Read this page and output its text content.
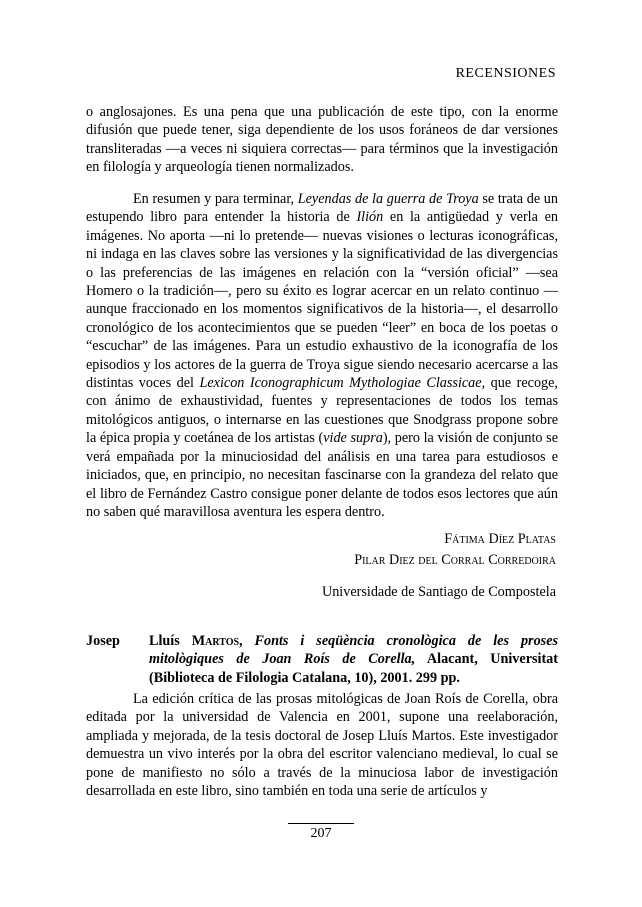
RECENSIONES
o anglosajones. Es una pena que una publicación de este tipo, con la enorme difusión que puede tener, siga dependiente de los usos foráneos de dar versiones transliteradas —a veces ni siquiera correctas— para términos que la investigación en filología y arqueología tienen normalizados.
En resumen y para terminar, Leyendas de la guerra de Troya se trata de un estupendo libro para entender la historia de Ilión en la antigüedad y verla en imágenes. No aporta —ni lo pretende— nuevas visiones o lecturas iconográficas, ni indaga en las claves sobre las versiones y la significatividad de las divergencias o las preferencias de las imágenes en relación con la “versión oficial” —sea Homero o la tradición—, pero su éxito es lograr acercar en un relato continuo —aunque fraccionado en los momentos significativos de la historia—, el desarrollo cronológico de los acontecimientos que se pueden “leer” en boca de los poetas o “escuchar” de las imágenes. Para un estudio exhaustivo de la iconografía de los episodios y los actores de la guerra de Troya sigue siendo necesario acercarse a las distintas voces del Lexicon Iconographicum Mythologiae Classicae, que recoge, con ánimo de exhaustividad, fuentes y representaciones de todos los temas mitológicos antiguos, o internarse en las cuestiones que Snodgrass propone sobre la épica propia y coetánea de los artistas (vide supra), pero la visión de conjunto se verá empañada por la minuciosidad del análisis en una tarea para estudiosos e iniciados, que, en principio, no necesitan fascinarse con la grandeza del relato que el libro de Fernández Castro consigue poner delante de todos esos lectores que aún no saben qué maravillosa aventura les espera dentro.
Fátima Díez Platas
Pilar Diez del Corral Corredoira
Universidade de Santiago de Compostela
Josep Lluís Martos, Fonts i seqüència cronològica de les proses mitològiques de Joan Roís de Corella, Alacant, Universitat (Biblioteca de Filologia Catalana, 10), 2001. 299 pp.
La edición crítica de las prosas mitológicas de Joan Roís de Corella, obra editada por la universidad de Valencia en 2001, supone una reelaboración, ampliada y mejorada, de la tesis doctoral de Josep Lluís Martos. Este investigador demuestra un vivo interés por la obra del escritor valenciano medieval, lo cual se pone de manifiesto no sólo a través de la minuciosa labor de investigación desarrollada en este libro, sino también en toda una serie de artículos y
207
